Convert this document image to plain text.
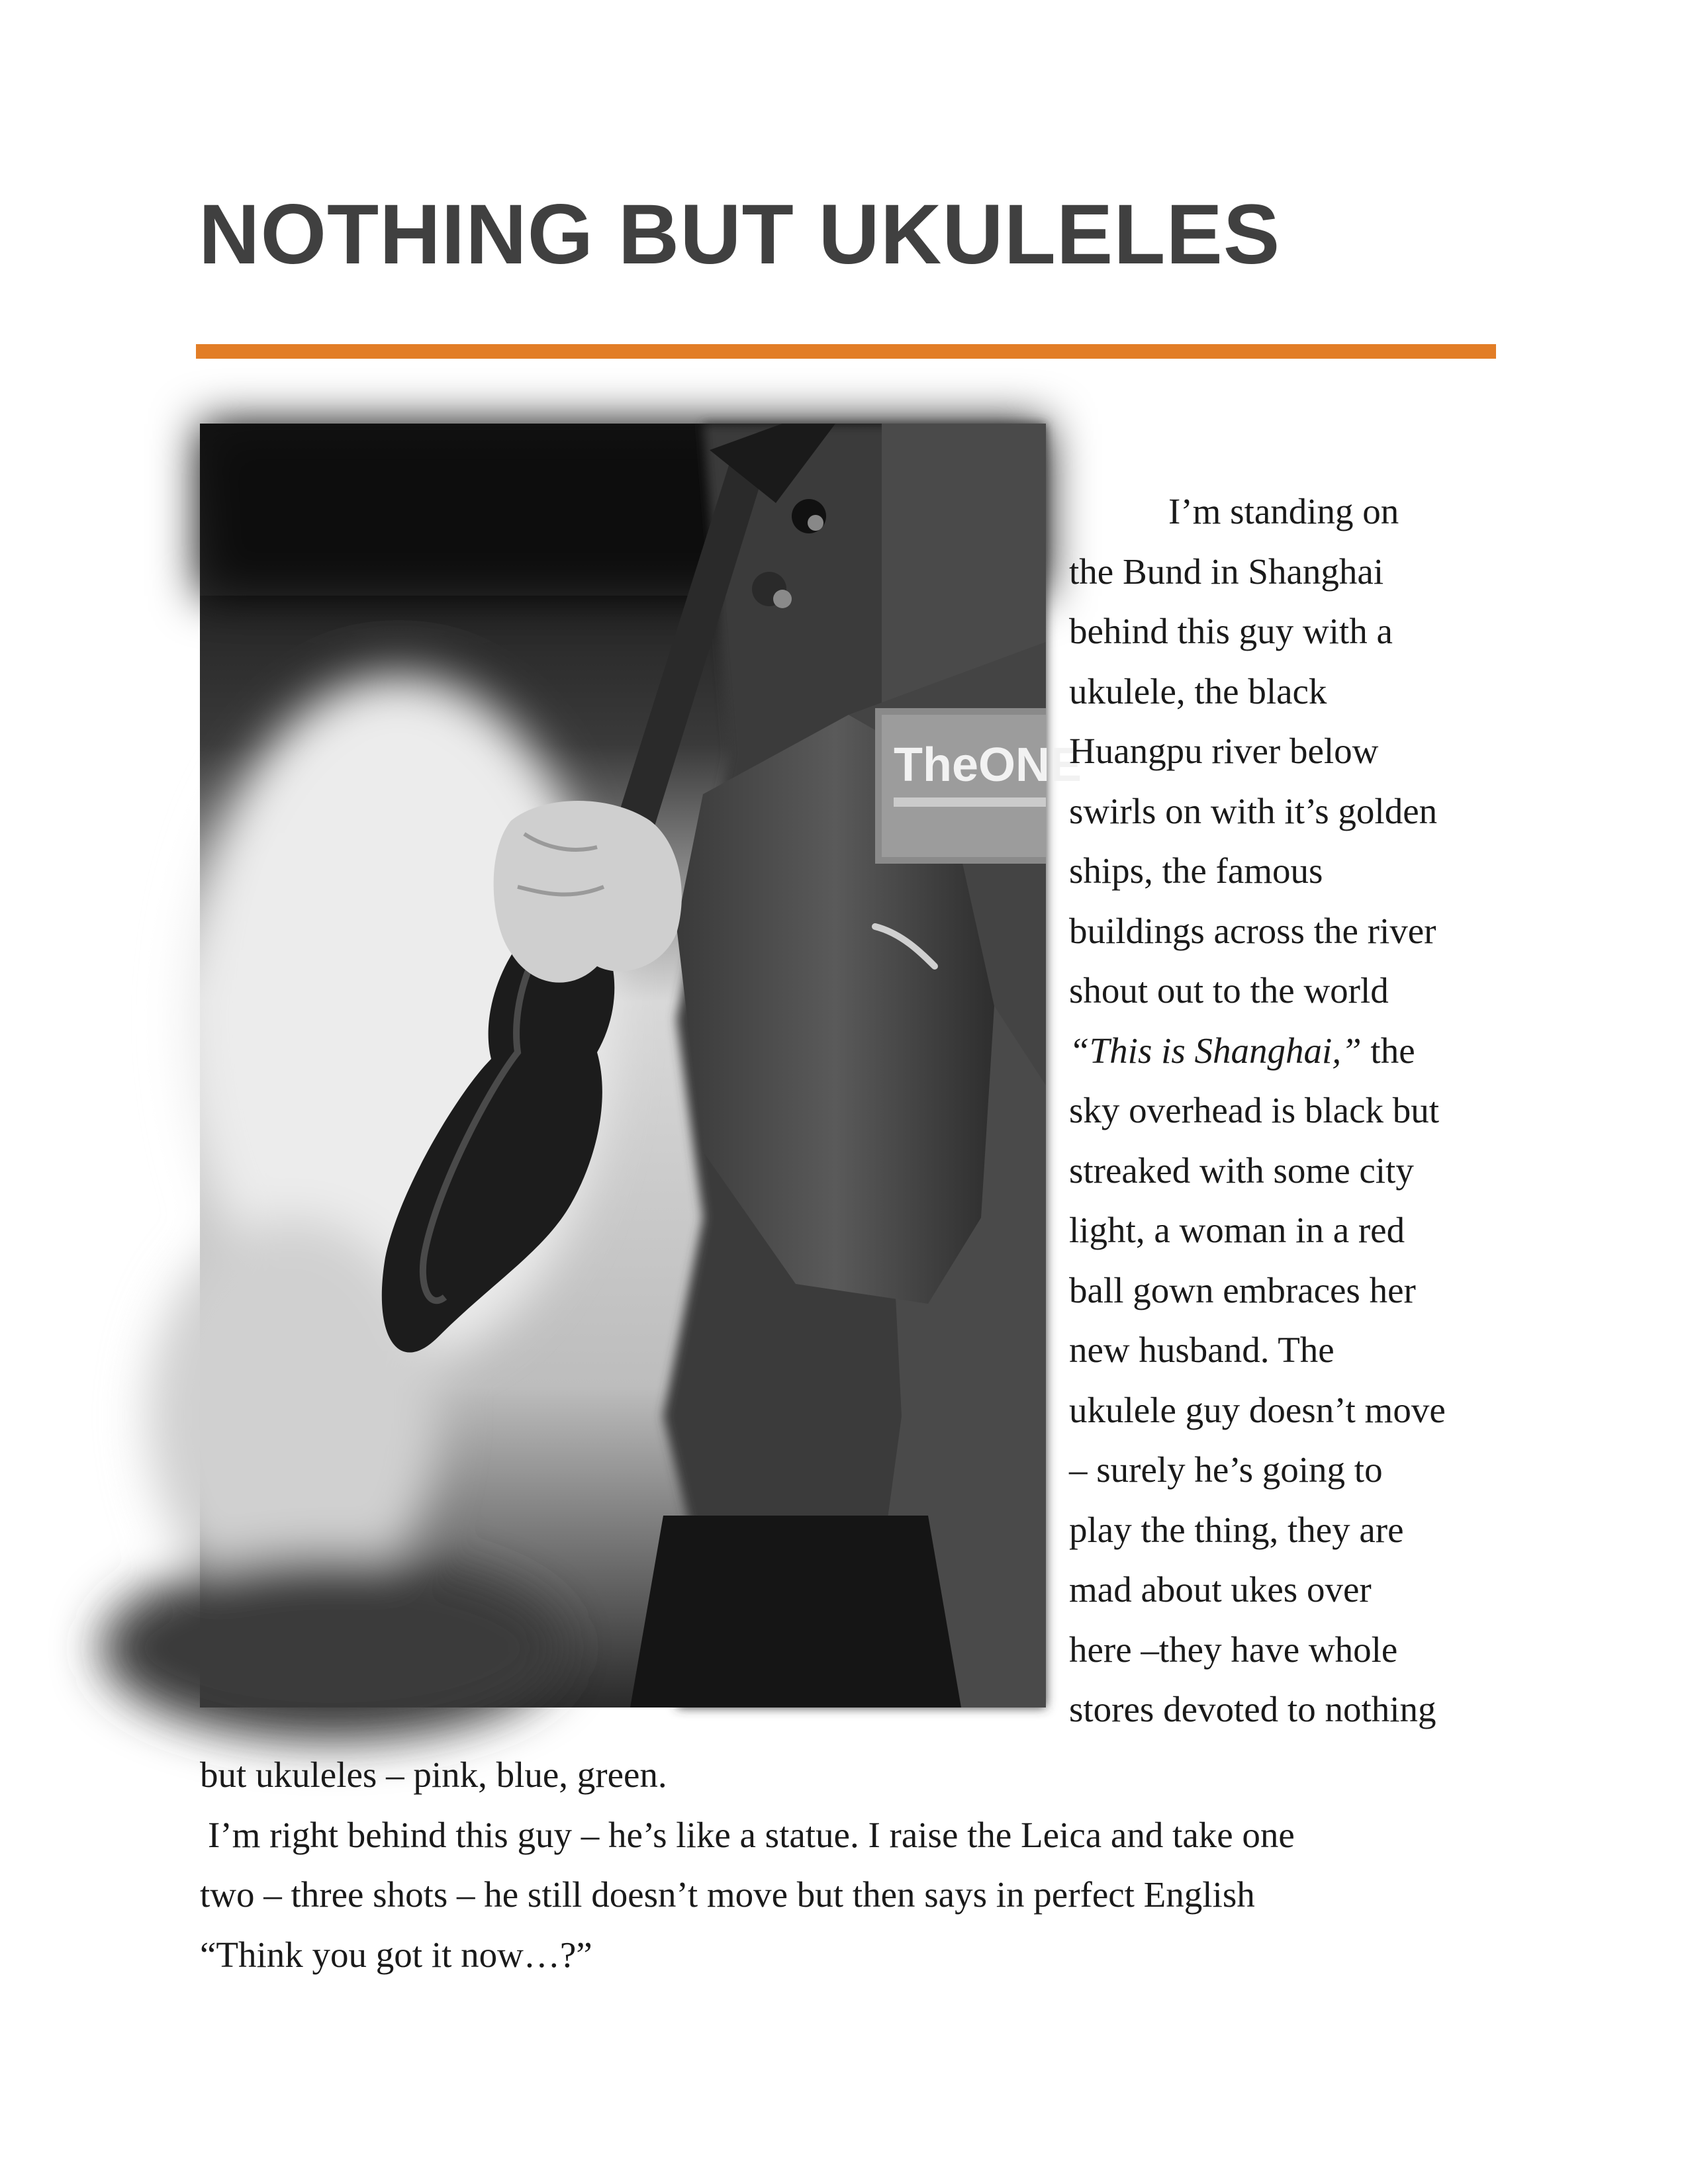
NOTHING BUT UKULELES
TheONE
I’m standing on
the Bund in Shanghai
behind this guy with a
ukulele, the black
Huangpu river below
swirls on with it’s golden
ships, the famous
buildings across the river
shout out to the world
“This is Shanghai,” the
sky overhead is black but
streaked with some city
light, a woman in a red
ball gown embraces her
new husband. The
ukulele guy doesn’t move
– surely he’s going to
play the thing, they are
mad about ukes over
here –they have whole
stores devoted to nothing
but ukuleles – pink, blue, green.
I’m right behind this guy – he’s like a statue. I raise the Leica and take one
two – three shots – he still doesn’t move but then says in perfect English
“Think you got it now…?”
